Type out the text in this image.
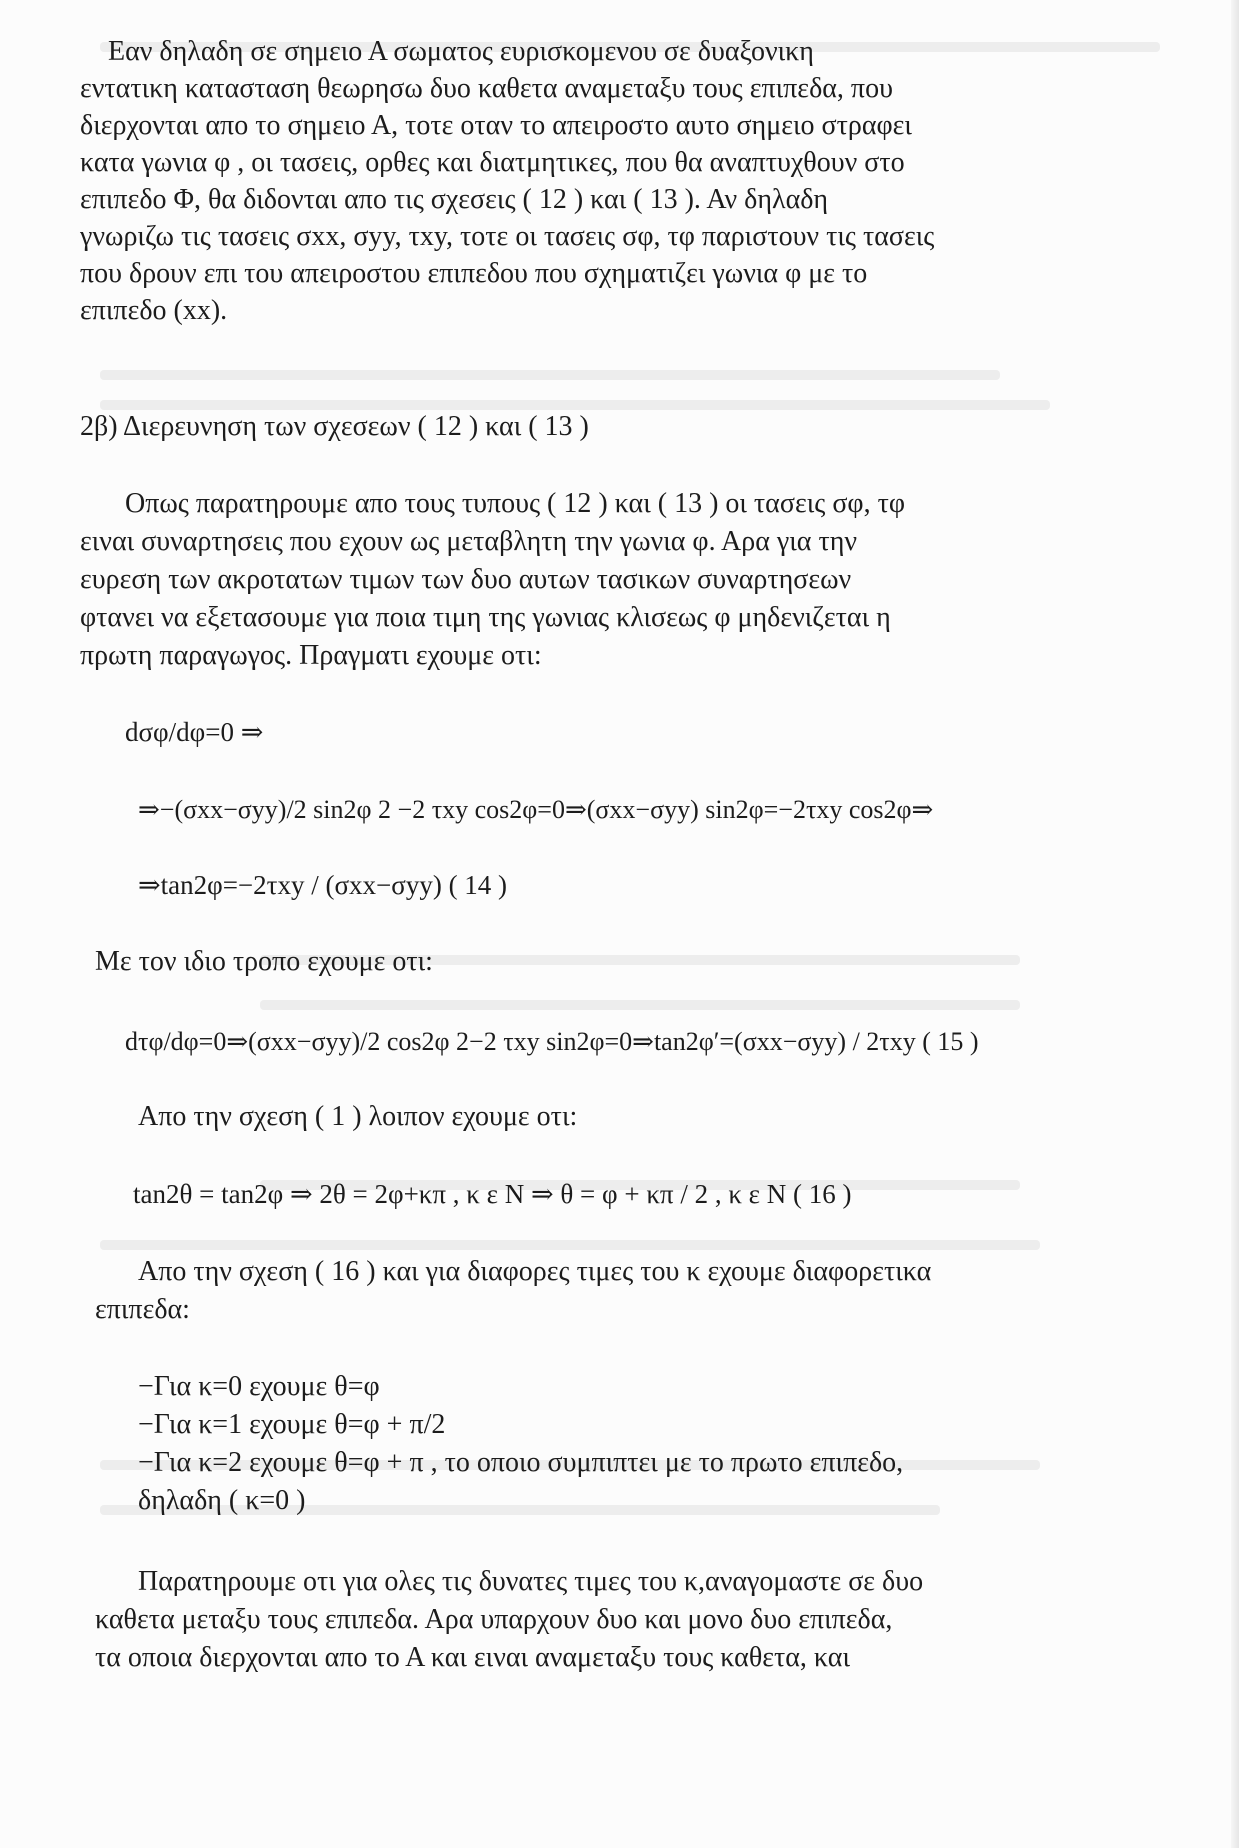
Εαν δηλαδη σε σημειο Α σωματος ευρισκομενου σε δυαξονικη
εντατικη κατασταση θεωρησω δυο καθετα αναμεταξυ τους επιπεδα, που
διερχονται απο το σημειο Α, τοτε οταν το απειροστο αυτο σημειο στραφει
κατα γωνια φ , οι τασεις, ορθες και διατμητικες, που θα αναπτυχθουν στο
επιπεδο Φ, θα διδονται απο τις σχεσεις ( 12 ) και ( 13 ). Αν δηλαδη
γνωριζω τις τασεις σxx, σyy, τxy, τοτε οι τασεις σφ, τφ παριστουν τις τασεις
που δρουν επι του απειροστου επιπεδου που σχηματιζει γωνια φ με το
επιπεδο (xx).
2β) Διερευνηση των σχεσεων ( 12 ) και ( 13 )
Οπως παρατηρουμε απο τους τυπους ( 12 ) και ( 13 ) οι τασεις σφ, τφ
ειναι συναρτησεις που εχουν ως μεταβλητη την γωνια φ. Αρα για την
ευρεση των ακροτατων τιμων των δυο αυτων τασικων συναρτησεων
φτανει να εξετασουμε για ποια τιμη της γωνιας κλισεως φ μηδενιζεται η
πρωτη παραγωγος. Πραγματι εχουμε οτι:
dσφ/dφ=0 ⇒
⇒−(σxx−σyy)/2 sin2φ 2 −2 τxy cos2φ=0⇒(σxx−σyy) sin2φ=−2τxy cos2φ⇒
⇒tan2φ=−2τxy / (σxx−σyy) ( 14 )
Με τον ιδιο τροπο εχουμε οτι:
dτφ/dφ=0⇒(σxx−σyy)/2 cos2φ 2−2 τxy sin2φ=0⇒tan2φ′=(σxx−σyy) / 2τxy ( 15 )
Απο την σχεση ( 1 ) λοιπον εχουμε οτι:
tan2θ = tan2φ ⇒ 2θ = 2φ+κπ , κ ε Ν ⇒ θ = φ + κπ / 2 , κ ε Ν ( 16 )
Απο την σχεση ( 16 ) και για διαφορες τιμες του κ εχουμε διαφορετικα
επιπεδα:
−Για κ=0 εχουμε θ=φ
−Για κ=1 εχουμε θ=φ + π/2
−Για κ=2 εχουμε θ=φ + π , το οποιο συμπιπτει με το πρωτο επιπεδο,
δηλαδη ( κ=0 )
Παρατηρουμε οτι για ολες τις δυνατες τιμες του κ,αναγομαστε σε δυο
καθετα μεταξυ τους επιπεδα. Αρα υπαρχουν δυο και μονο δυο επιπεδα,
τα οποια διερχονται απο το Α και ειναι αναμεταξυ τους καθετα, και
